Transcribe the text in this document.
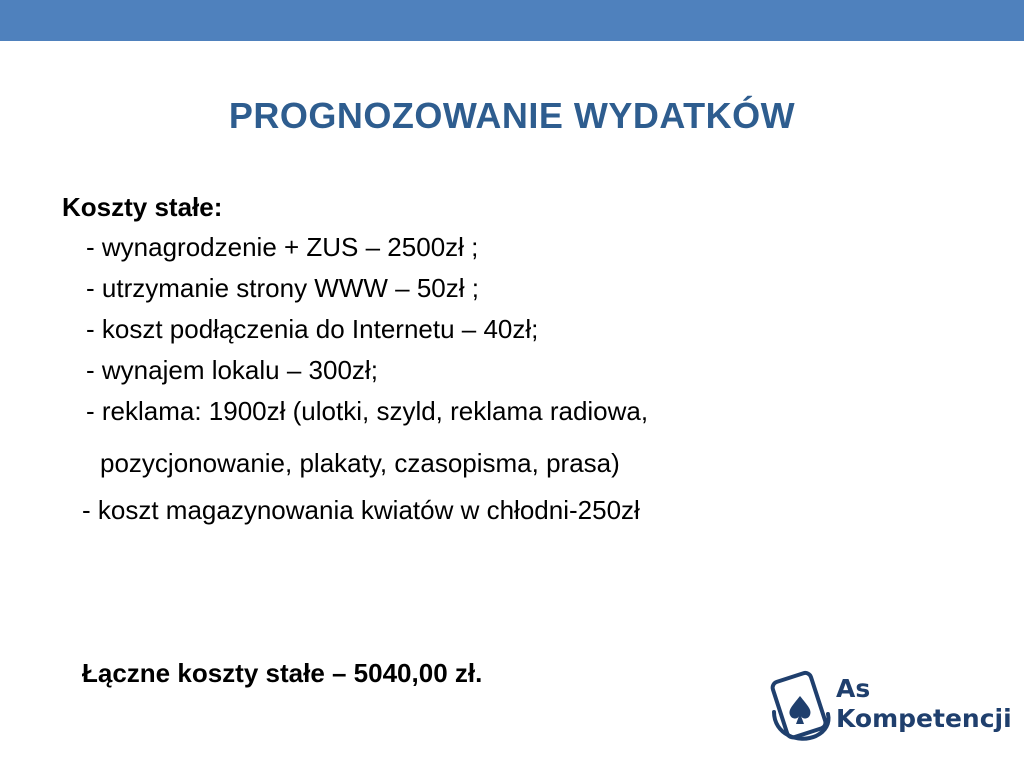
PROGNOZOWANIE WYDATKÓW
Koszty stałe:
- wynagrodzenie + ZUS – 2500zł ;
- utrzymanie strony WWW – 50zł ;
- koszt podłączenia do Internetu – 40zł;
- wynajem lokalu – 300zł;
- reklama: 1900zł (ulotki, szyld, reklama radiowa,
pozycjonowanie, plakaty, czasopisma, prasa)
- koszt magazynowania kwiatów w chłodni-250zł
Łączne koszty stałe – 5040,00 zł.
As
Kompetencji
